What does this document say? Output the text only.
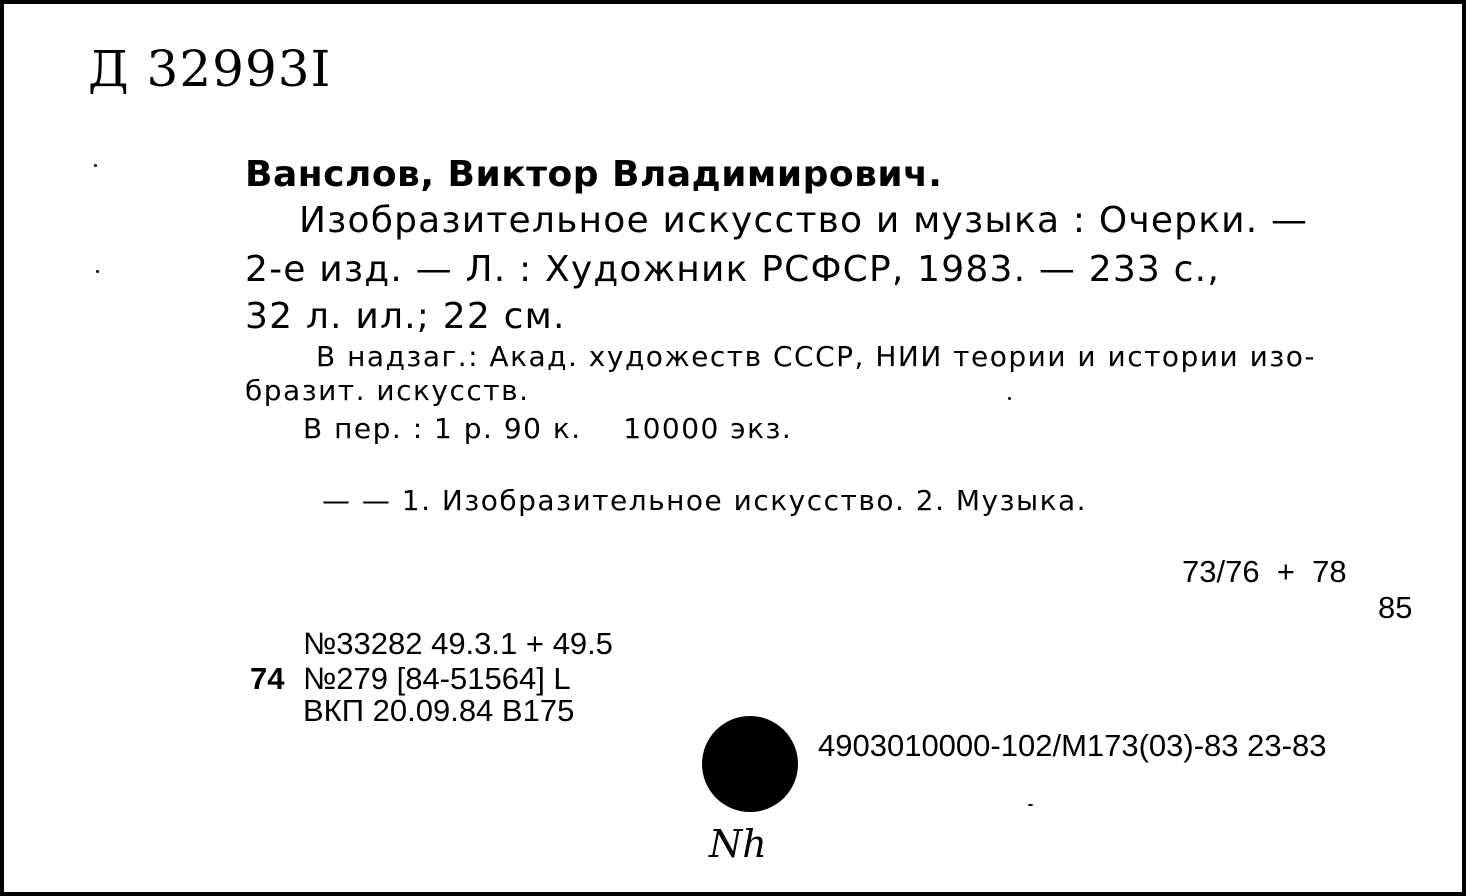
Д 32993I
Ванслов, Виктор Владимирович.
Изобразительное искусство и музыка : Очерки. —
2-е изд. — Л. : Художник РСФСР, 1983. — 233 с.,
32 л. ил.; 22 см.
В надзаг.: Акад. художеств СССР, НИИ теории и истории изо-
бразит. искусств.
В пер. : 1 р. 90 к.    10000 экз.
— — 1. Изобразительное искусство. 2. Музыка.
73/76  +  78
85
№33282 49.3.1 + 49.5
74 №279 [84-51564] L
ВКП 20.09.84 В175
4903010000-102/М173(03)-83 23-83
Nh
